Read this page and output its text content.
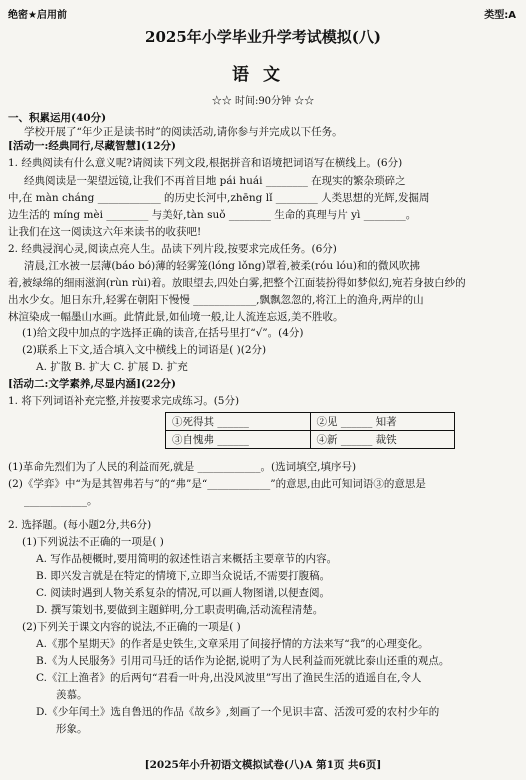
绝密★启用前	类型:A
2025年小学毕业升学考试模拟(八)
语文
☆☆ 时间:90分钟 ☆☆
一、积累运用(40分)
学校开展了“年少正是读书时”的阅读活动,请你参与并完成以下任务。
[活动一:经典同行,尽藏智慧](12分)
1. 经典阅读有什么意义呢?请阅读下列文段,根据拼音和语境把词语写在横线上。(6分)
经典阅读是一架望远镜,让我们不再首目地 pái huái ________ 在现实的繁杂琐碎之
中,在 màn cháng ____________ 的历史长河中,zhēng lǐ ________ 人类思想的光辉,发掘周
边生活的 míng mèi ________ 与美好,tàn suǒ ________ 生命的真理与片 yì ________。
让我们在这一阅读这六年来读书的收获吧!
2. 经典浸润心灵,阅读点亮人生。品读下列片段,按要求完成任务。(6分)
清晨,江水被一层薄(báo bó)薄的轻雾笼(lóng lǒng)罩着,被柔(róu lóu)和的微风吹拂
着,被绿绵的细雨滋润(rùn rùi)着。放眼望去,四处白雾,把整个江面装扮得如梦似幻,宛若身披白纱的
出水少女。旭日东升,轻雾在朝阳下慢慢 ____________,飘飘忽忽的,将江上的渔舟,两岸的山
林渲染成一幅墨山水画。此情此景,如仙境一般,让人流连忘返,美不胜收。
(1)给文段中加点的字选择正确的读音,在括号里打“√”。(4分)
(2)联系上下文,适合填入文中横线上的词语是( )(2分)
A. 扩散 B. 扩大 C. 扩展 D. 扩充
[活动二:文学素养,尽显内涵](22分)
1. 将下列词语补充完整,并按要求完成练习。(5分)
①死得其 ______	②见 ______ 知著
③自愧弗 ______	④新 ______ 裁铁
(1)革命先烈们为了人民的利益而死,就是 ____________。(选词填空,填序号)
(2)《学弈》中“为是其智弗若与”的“弗”是“____________”的意思,由此可知词语③的意思是
____________。
2. 选择题。(每小题2分,共6分)
(1)下列说法不正确的一项是( )
A. 写作品梗概时,要用简明的叙述性语言来概括主要章节的内容。
B. 即兴发言就是在特定的情境下,立即当众说话,不需要打腹稿。
C. 阅读时遇到人物关系复杂的情况,可以画人物图谱,以便查阅。
D. 撰写策划书,要做到主题鲜明,分工职责明确,活动流程清楚。
(2)下列关于课文内容的说法,不正确的一项是( )
A.《那个星期天》的作者是史铁生,文章采用了间接抒情的方法来写“我”的心理变化。
B.《为人民服务》引用司马迁的话作为论据,说明了为人民利益而死就比泰山还重的观点。
C.《江上渔者》的后两句“君看一叶舟,出没风波里”写出了渔民生活的逍遥自在,令人
羡慕。
D.《少年闰土》选自鲁迅的作品《故乡》,刻画了一个见识丰富、活泼可爱的农村少年的
形象。
[2025年小升初语文模拟试卷(八)A 第1页 共6页]
